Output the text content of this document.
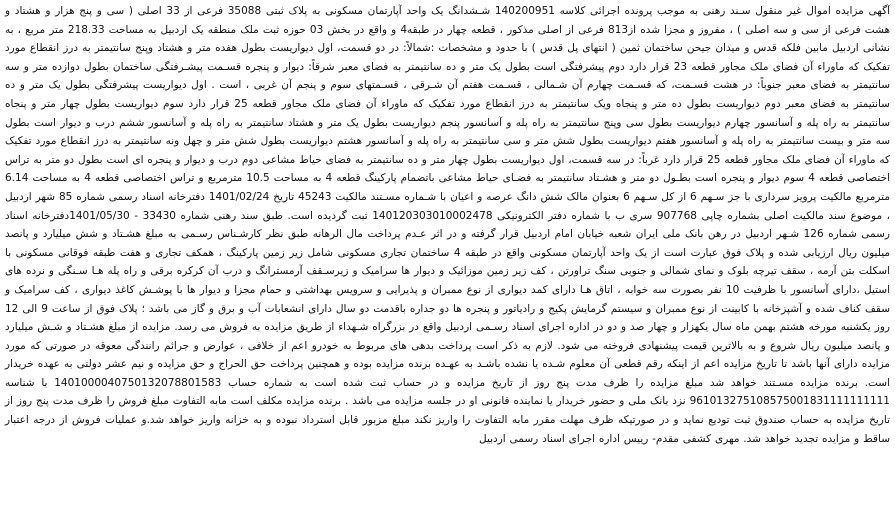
آگهی مزایده اموال غیر منقول سـند رهنی به موجب پرونده اجرائی کلاسه 140200951 شـشدانگ یک واحد آپارتمان مسکونی به پلاک ثبتی 35088 فرعی از 33 اصلی ( سی و پنج هزار و هشتاد و هشت فرعی از سی و سه اصلی ) ، مفروز و مجزا شده از813 فرعی از اصلی مذکور ، قطعه چهار در طبقه4 و واقع در بخش 03 حوزه ثبت ملک منطقه یک اردبیل به مساحت 218.33 متر مربع ، به نشانی اردبیل مابین فلکه قدس و میدان جیحن ساختمان ثمین ( انتهای پل قدس ) با حدود و مشخصات :شمالاً: در دو قسمت، اول دیواریست بطول هفده متر و هشتاد وپنج سانتیمتر به درز انقطاع مورد تفکیک که ماوراء آن فضای ملک مجاور قطعه 23 قرار دارد دوم پیشرفتگی است بطول یک متر و ده سانتیمتر به فضای معبر شرقاً: دیوار و پنجره قسـمت پیشـرفتگی ساختمان بطول دوازده متر و سه سانتیمتر به فضای معبر جنوباً: در هشت قسـمت، که قسـمت چهارم آن شـمالی ، قسـمت هفتم آن شـرقی ، قسـمتهای سوم و پنجم آن غربی ، است . اول دیواریست پیشرفتگی بطول یک متر و ده سانتیمتر به فضای معبر دوم دیواریست بطول ده متر و پنجاه ویک سانتیمتر به درز انقطاع مورد تفکیک که ماوراء آن فضای ملک مجاور قطعه 25 قرار دارد سوم دیواریست بطول چهار متر و پنجاه سانتیمتر به راه پله و آسانسور چهارم دیواریست بطول سی وپنج سانتیمتر به راه پله و آسانسور پنجم دیواریست بطول یک متر و هشتاد سانتیمتر به راه پله و آسانسور ششم درب و دیوار است بطول سه متر و بیست سانتیمتر به راه پله و آسانسور هفتم دیواریست بطول شش متر و سی سانتیمتر به راه پله و آسانسور هشتم دیواریست بطول شش متر و چهل ونه سانتیمتر به درز انقطاع مورد تفکیک که ماوراء آن فضای ملک مجاور قطعه 25 قرار دارد غرباً: در سه قسمت، اول دیواریست بطول چهار متر و ده سانتیمتر به فضای حیاط مشاعی دوم درب و دیوار و پنجره ای است بطول دو متر به تراس اختصاصی قطعه 4 سوم دیوار و پنجره است بطـول دو متر و هشـتاد سانتیمتر به فضـای حیاط مشاعی باتضمام پارکینگ قطعه 4 به مساحت 10.5 مترمربع و تراس اختصاصی قطعه 4 به مساحت 6.14 مترمربع مالکیت پرویز سرداری با جز سـهم 6 از کل سـهم 6 بعنوان مالک شش دانگ عرصه و اعیان با شـماره مسـتند مالکیت 45243 تاریخ 1401/02/24 دفترخانه اسناد رسمی شماره 85 شهر اردبیل ، موضوع سند مالکیت اصلی بشماره چاپی 907768 سری ب با شماره دفتر الکترونیکی 140120303010002478 ثبت گردیده است. طبق سند رهنی شماره 33430 - 1401/05/30دفترخانه اسناد رسمی شماره 126 شـهر اردبیل در رهن بانک ملی ایران شعبه خیابان امام اردبیل قرار گرفته و در اثر عـدم پرداخت مال الرهانه طبق نظر کارشـناس رسـمی به مبلغ هشـتاد و شش میلیارد و پانصد میلیون ریال ارزیابی شده و پلاک فوق عبارت است از یک واحد آپارتمان مسکونی واقع در طبقه 4 ساختمان تجاری مسکونی شامل زیر زمین پارکینگ ، همکف تجاری و هفت طبقه فوقانی مسکونی با اسکلت بتن آرمه ، سقف تیرچه بلوک و نمای شمالی و جنوبی سنگ تراورتن ، کف زیر زمین موزائیک و دیوار ها سرامیک و زیرسـقف آرمسترانگ و درب آن کرکره برقی و راه پله هـا سـنگی و نرده های استیل ،دارای آسانسور با ظرفیت 10 نفر بصورت سه خوابه ، اتاق هـا دارای کمد دیواری از نوع ممبران و پذیرایی و سرویس بهداشتی و حمام مجزا و دیوار ها با پوشـش کاغذ دیواری ، کف سرامیک و سقف کناف شده و آشپزخانه با کابینت از نوع ممبران و سیستم گرمایش پکیج و رادیاتور و پنجره ها دو جداره باقدمت دو سال دارای انشعابات آب و برق و گاز می باشد ؛ پلاک فوق از ساعت 9 الی 12 روز یکشنبه مورخه هشتم بهمن ماه سال یکهزار و چهار صد و دو در اداره اجرای اسناد رسـمی اردبیل واقع در بزرگراه شـهداء از طریق مزایده به فروش می رسد. مزایده از مبلغ هشـتاد و شـش میلیارد و پانصد میلیون ریال شروع و به بالاترین قیمت پیشنهادی فروخته می شود. لازم به ذکر است پرداخت بدهی های مربوط به خودرو اعم از خلافی ، عوارض و جرائم رانندگی معوقه در صورتی که مورد مزایده دارای آنها باشد تا تاریخ مزایده اعم از اینکه رقم قطعی آن معلوم شـده یا نشده باشـد به عهـده برنده مزایده بوده و همچنین پرداخت حق الحراج و حق مزایده و نیم عشر دولتی به عهده خریدار است. برنده مزایده مسـتند خواهد شد مبلغ مزایده را ظرف مدت پنج روز از تاریخ مزایده و در حساب ثبت شده است به شماره حساب 1401000040750132078801583 با شناسه 961013275108575001831111111111 نزد بانک ملی و حضور خریدار یا نماینده قانونی او در جلسه مزایده می باشد . برنده مزایده مکلف است مابه التفاوت مبلغ فروش را ظرف مدت پنج روز از تاریخ مزایده به حساب صندوق ثبت تودیع نماید و در صورتیکه ظرف مهلت مقرر مابه التفاوت را واریز نکند مبلغ مزبور قابل استرداد نبوده و به خزانه واریز خواهد شد.و عملیات فروش از درجه اعتبار ساقط و مزایده تجدید خواهد شد. مهری کشفی مقدم- رییس اداره اجرای اسناد رسمی اردبیل
